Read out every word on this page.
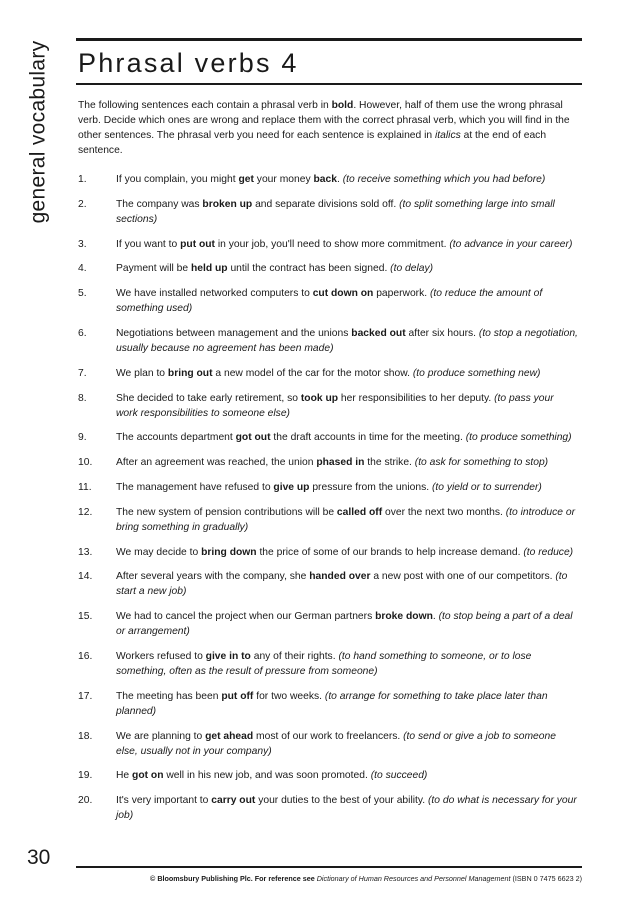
general vocabulary Phrasal verbs 4

The following sentences each contain a phrasal verb in bold. However, half of them use the wrong phrasal verb. Decide which ones are wrong and replace them with the correct phrasal verb, which you will find in the other sentences. The phrasal verb you need for each sentence is explained in italics at the end of each sentence.

1.	If you complain, you might get your money back. (to receive something which you had before)
2.	The company was broken up and separate divisions sold off. (to split something large into small sections)
3.	If you want to put out in your job, you'll need to show more commitment. (to advance in your career)
4.	Payment will be held up until the contract has been signed. (to delay)
5.	We have installed networked computers to cut down on paperwork. (to reduce the amount of something used)
6.	Negotiations between management and the unions backed out after six hours. (to stop a negotiation, usually because no agreement has been made)
7.	We plan to bring out a new model of the car for the motor show. (to produce something new)
8.	She decided to take early retirement, so took up her responsibilities to her deputy. (to pass your work responsibilities to someone else)
9.	The accounts department got out the draft accounts in time for the meeting. (to produce something)
10.	After an agreement was reached, the union phased in the strike. (to ask for something to stop)
11.	The management have refused to give up pressure from the unions. (to yield or to surrender)
12.	The new system of pension contributions will be called off over the next two months. (to introduce or bring something in gradually)
13.	We may decide to bring down the price of some of our brands to help increase demand. (to reduce)
14.	After several years with the company, she handed over a new post with one of our competitors. (to start a new job)
15.	We had to cancel the project when our German partners broke down. (to stop being a part of a deal or arrangement)
16.	Workers refused to give in to any of their rights. (to hand something to someone, or to lose something, often as the result of pressure from someone)
17.	The meeting has been put off for two weeks. (to arrange for something to take place later than planned)
18.	We are planning to get ahead most of our work to freelancers. (to send or give a job to someone else, usually not in your company)
19.	He got on well in his new job, and was soon promoted. (to succeed)
20.	It's very important to carry out your duties to the best of your ability. (to do what is necessary for your job)
30
© Bloomsbury Publishing Plc. For reference see Dictionary of Human Resources and Personnel Management (ISBN 0 7475 6623 2)
